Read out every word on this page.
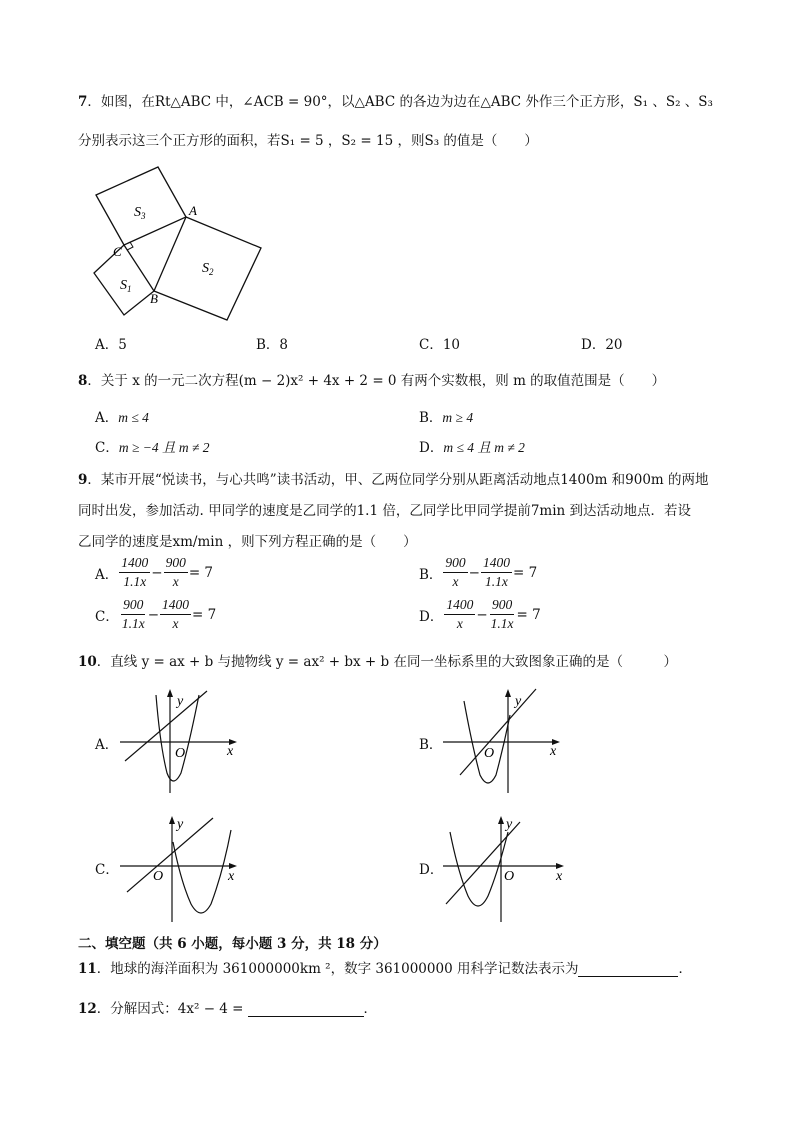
7．如图，在Rt△ABC 中，∠ACB = 90°，以△ABC 的各边为边在△ABC 外作三个正方形，S₁ 、S₂ 、S₃
分别表示这三个正方形的面积，若S₁ = 5 ，S₂ = 15 ，则S₃ 的值是（　　）
$S_3$
$S_2$
$S_1$
A
B
C
A．5	B．8	C．10	D．20
8．关于 x 的一元二次方程(m − 2)x² + 4x + 2 = 0 有两个实数根，则 m 的取值范围是（　　）
A．m ≤ 4	B．m ≥ 4
C．m ≥ −4 且 m ≠ 2	D．m ≤ 4 且 m ≠ 2
9．某市开展“悦读书，与心共鸣”读书活动，甲、乙两位同学分别从距离活动地点1400m 和900m 的两地
同时出发，参加活动. 甲同学的速度是乙同学的1.1 倍，乙同学比甲同学提前7min 到达活动地点．若设
乙同学的速度是xm/min ，则下列方程正确的是（　　）
A． $\frac{1400}{1.1x} - \frac{900}{x} = 7$	B． $\frac{900}{x} - \frac{1400}{1.1x} = 7$
C． $\frac{900}{1.1x} - \frac{1400}{x} = 7$	D． $\frac{1400}{x} - \frac{900}{1.1x} = 7$
10．直线 y = ax + b 与抛物线 y = ax² + bx + b 在同一坐标系里的大致图象正确的是（　　　）
A．
y
x
O
B．
y
x
O
C．
y
x
O	D．
y
x
O
二、填空题（共 6 小题，每小题 3 分，共 18 分）
11．地球的海洋面积为 361000000km ²，数字 361000000 用科学记数法表示为	．
12．分解因式：4x² − 4 =	．
